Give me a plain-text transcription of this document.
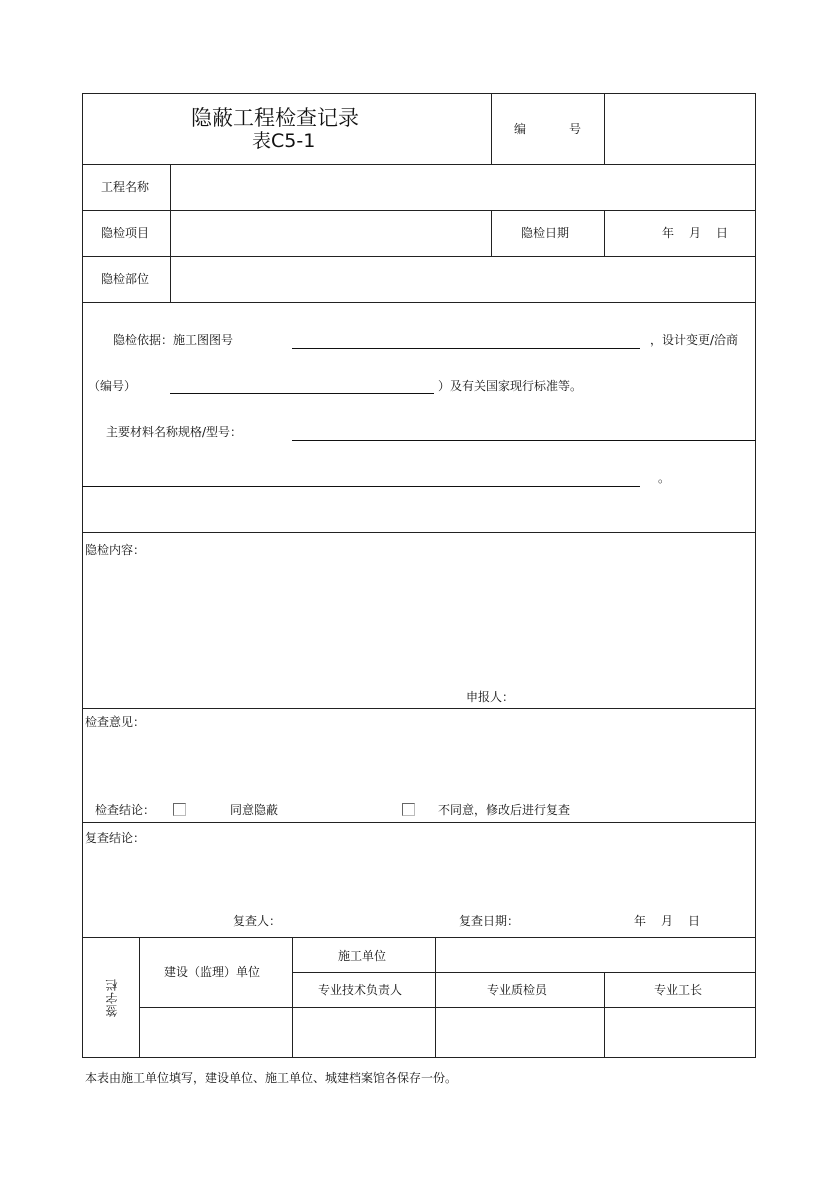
隐蔽工程检查记录
表C5-1
编	号
工程名称
隐检项目	隐检日期	年 月 日
隐检部位
隐检依据：施工图图号	，设计变更/洽商
（编号）	）及有关国家现行标准等。
主要材料名称规格/型号：
。
隐检内容：
申报人：
检查意见：
检查结论：	同意隐蔽	不同意，修改后进行复查
复查结论：
复查人：	复查日期：	年 月 日
签字栏
建设（监理）单位
施工单位
专业技术负责人	专业质检员	专业工长
本表由施工单位填写，建设单位、施工单位、城建档案馆各保存一份。
